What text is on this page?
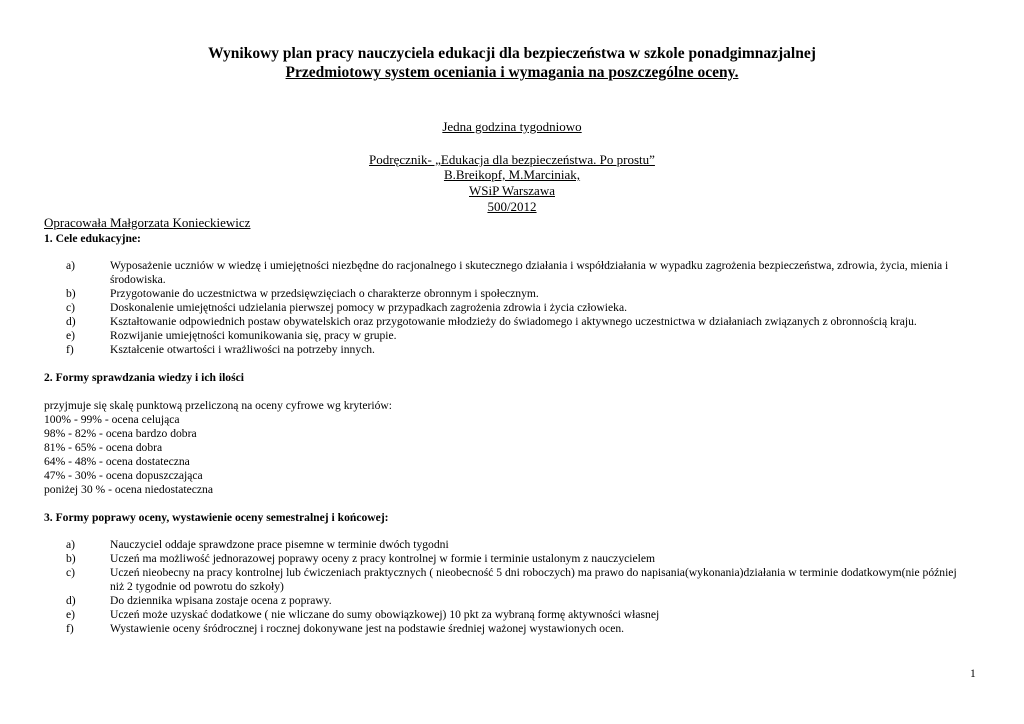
Wynikowy plan pracy nauczyciela edukacji dla bezpieczeństwa w szkole ponadgimnazjalnej
Przedmiotowy system oceniania i wymagania na poszczególne oceny.
Jedna godzina tygodniowo
Podręcznik- „Edukacja dla bezpieczeństwa. Po prostu”
B.Breikopf, M.Marciniak,
WSiP Warszawa
500/2012
Opracowała Małgorzata Konieckiewicz
1. Cele edukacyjne:
a)	Wyposażenie uczniów w wiedzę i umiejętności niezbędne do racjonalnego i skutecznego działania i współdziałania w wypadku zagrożenia bezpieczeństwa, zdrowia, życia, mienia i
środowiska.
b)	Przygotowanie do uczestnictwa w przedsięwzięciach o charakterze obronnym i społecznym.
c)	Doskonalenie umiejętności udzielania pierwszej pomocy w przypadkach zagrożenia zdrowia i życia człowieka.
d)	Kształtowanie odpowiednich postaw obywatelskich oraz przygotowanie młodzieży do świadomego i aktywnego uczestnictwa w działaniach związanych z obronnością kraju.
e)	Rozwijanie umiejętności komunikowania się, pracy w grupie.
f)	Kształcenie otwartości i wrażliwości na potrzeby innych.
2. Formy sprawdzania wiedzy i ich ilości
przyjmuje się skalę punktową przeliczoną na oceny cyfrowe wg kryteriów:
100% - 99% - ocena celująca
98% - 82% - ocena bardzo dobra
81% - 65% - ocena dobra
64% - 48% - ocena dostateczna
47% - 30% - ocena dopuszczająca
poniżej 30 % - ocena niedostateczna
3. Formy poprawy oceny, wystawienie oceny semestralnej i końcowej:
a)	Nauczyciel oddaje sprawdzone prace pisemne w terminie dwóch tygodni
b)	Uczeń ma możliwość jednorazowej poprawy oceny z pracy kontrolnej w formie i terminie ustalonym z nauczycielem
c)	Uczeń nieobecny na pracy kontrolnej lub ćwiczeniach praktycznych ( nieobecność 5 dni roboczych) ma prawo do napisania(wykonania)działania w terminie dodatkowym(nie później
niż 2 tygodnie od powrotu do szkoły)
d)	Do dziennika wpisana zostaje ocena z poprawy.
e)	Uczeń może uzyskać dodatkowe ( nie wliczane do sumy obowiązkowej) 10 pkt za wybraną formę aktywności własnej
f)	Wystawienie oceny śródrocznej i rocznej dokonywane jest na podstawie średniej ważonej wystawionych ocen.
1
